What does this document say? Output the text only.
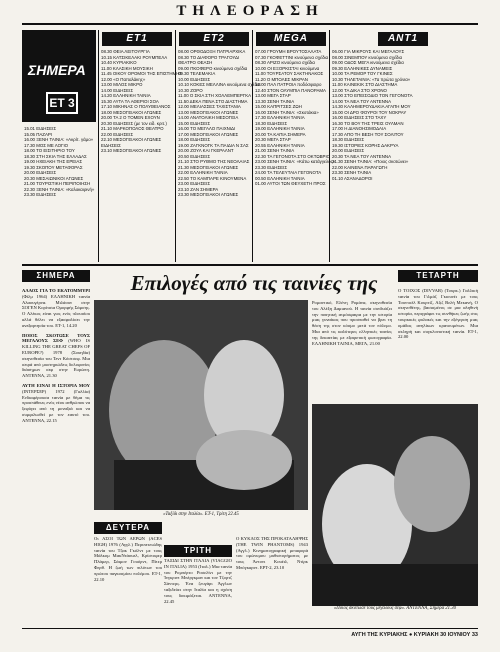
ΤΗΛΕΟΡΑΣΗ
ΣΗΜΕΡΑ
ET 3
15.01 ΕΙΔΗΣΕΙΣ
15.05 ΠΑΖΑΡΙ
16.00 ΞΕΝΗ ΤΑΙΝΙΑ: «Ακρίτ. γάμο»
17.30 ΜΟΣ ΜΕ ΛΟΓΙΟ
18.00 ΤΟ ΕΙΣΙΤΗΡΙΟ ΤΟΥ
18.30 ΣΤΗ ΣΚΙΑ ΤΗΣ ΕΛΛΑΔΑΣ
19.00 ΗΧΕΙΑΚΗ ΤΗΣ ΕΡΕΙΑΣ
19.30 ΣΚΟΠΟΥ ΜΕΤΑΦΟΡΑΣ
20.00 ΕΙΔΗΣΕΙΣ
20.30 ΜΕΣΑΙΩΝΙΚΟΙ ΑΓΩΝΕΣ
21.00 ΤΟΥΡΙΣΤΙΚΗ ΠΕΡΙΠΟΙΗΣΗ
22.30 ΞΕΝΗ ΤΑΙΝΙΑ: «Καλοκαιρινή»
23.30 ΕΙΔΗΣΕΙΣ
ET1
08.30 ΘΕΙΑ ΛΕΙΤΟΥΡΓΙΑ
10.15 ΚΑΤΣΙΚΕΛΑΚΙ ΡΟΥΜΠΕΛΑ
10.40 ΚΥΡΙΑΚΙΚΟ
11.00 ΚΛΑΣΙΚΗ ΜΟΥΣΙΚΗ
11.45 ΟΙΚΟΥ ΟΡΟΜΟΙ ΤΗΣ ΕΠΙΣΤΗΜΗΣ
12.00 «Ο Παπαλάκης»
13.00 ΜΙΛΟΣ ΜΙΚΡΟ
14.00 ΕΙΔΗΣΕΙΣ
14.20 ΕΛΛΗΝΙΚΗ ΤΑΙΝΙΑ
15.30 ΑΥΤΑ ΤΑ ΑΘΕΡΙΟΙ ΣΟΑ
17.10 ΜΙΚΗΝΑΣ Ο ΠΟΛΥΘΕΙΑΝΟΣ
18.00 ΜΕΣΟΓΕΙΑΚΟΙ ΑΓΩΝΕΣ
20.00 ΤΑ 2 Ο ΤΟΜΕΝ ΕΧΟΥΝ
20.30 ΕΙΔΗΣΕΙΣ (με τον ειδ. κριτ.)
21.10 ΜΑΡΚΟΠΟΛΟΣ ΘΕΑΤΡΟ
22.00 ΕΙΔΗΣΕΙΣ
22.10 ΜΕΣΟΓΕΙΑΚΟΙ ΑΓΩΝΕΣ
ΕΙΔΗΣΕΙΣ
23.10 ΜΕΣΟΓΕΙΑΚΟΙ ΑΓΩΝΕΣ
ET2
08.00 ΟΡΘΟΔΟΞΗ ΠΑΤΡΙΑΡΧΙΚΑ
08.30 ΤΟ ΔΙΑΦΟΡΟ ΤΡΑΓΟΥΔΙ
ΘΕΑΤΡΟ ΘΕΑΣΗ
09.00 ΠΚΟΦΕΡΟ κινούμενα σχέδια
09.30 ΤΕΛΕΜΑΚΙΑ
10.00 ΕΙΔΗΣΕΙΣ
10.10 ΚΟΚΕΣ ΜΕΛΛΙΝΑ κινούμενα σχέδια
10.30 ΖΟΡΟ
11.00 Ο ΣΚΙΑ ΣΤΗ ΧΟΛΛΕΜΠΕΡΓΚΑ
11.50 ΔΕΚΑ ΠΕΝΑ ΣΤΟ ΔΙΑΣΤΗΜΑ
12.00 ΜΕΛΙΑΣΣΕΣ ΤΑΧΙΣΤΑΝΙΑ
13.00 ΜΕΣΟΓΕΙΑΚΟΙ ΑΓΩΝΕΣ
14.00 ΑΝΑΤΟΛΙΚΗ ΜΕΣΟΓΕΙΑ
15.00 ΕΙΔΗΣΕΙΣ
16.00 ΤΟ ΜΕΓΑΛΟ ΠΑΙΧΝΙΔΙ
17.00 ΜΕΣΟΓΕΙΑΚΟΙ ΑΓΩΝΕΣ
18.00 ΕΙΔΗΣΕΙΣ
19.00 ΖΑΓΚΝΟΓΚ ΤΑ ΠΑΙΔΙΑ Ν ΣΑΣ
20.00 ΖΟΥΛ ΚΑΙ ΓΚΕΡΑΛΝΤ
20.50 ΕΙΔΗΣΕΙΣ
21.10 ΣΤΟ ΡΥΘΜΟ ΤΗΣ ΝΕΟΛΑΙΑΣ
21.30 ΜΕΣΟΓΕΙΑΚΟΙ ΑΓΩΝΕΣ
22.00 ΕΛΛΗΝΙΚΗ ΤΑΙΝΙΑ
22.50 ΤΟ ΚΑΜΠΑΡΕ ΚΙΝΟΥΜΕΝΑ
23.00 ΕΙΔΗΣΕΙΣ
23.10 ΖΑΝ ΣΗΜΕΡΑ
23.30 ΜΕΣΟΓΕΙΑΚΟΙ ΑΓΩΝΕΣ
MEGA
07.00 ΓΡΟΥΜΗ ΒΡΟΥΤΟΣΑΛΑΤΑ
07.30 ΓΚΟΦΕΤΤΙΝΙ κινούμενα σχέδια
08.30 ΑΡΙΖΟ κινούμενα σχέδια
10.00 ΟΙ ΕΞΟΡΚΙΣΤΑΙ κινούμενα
11.00 ΤΟΥΡΣΑΤΟΥ ΣΑΚΤΗΝΑΚΟΣ
11.20 Ο ΜΠΟΛΕΣ ΜΙΚΡΑΝ
12.00 ΠΑΛ ΠΑΤΡΟΙΑ ποδόσφαιρο
12.40 ΣΤΟΝ ΟΛΥΜΠΙΑ ΠΑΝΟΡΑΜΑ
13.00 ΜΕΓΑ ΣΤΑΡ
13.30 ΣΕΝΗ ΤΑΙΝΙΑ
15.00 ΚΑΠΡΙΤΣΕΣ ΖΩΗ
16.00 ΣΕΝΗ ΤΑΙΝΙΑ: «Σκοτάκια»
17.30 ΕΛΛΗΝΙΚΗ ΤΑΙΝΙΑ
18.30 ΕΙΔΗΣΕΙΣ
19.00 ΕΛΛΗΝΙΚΗ ΤΑΙΝΙΑ
20.00 ΤΑ ΚΑΠΙΑ ΣΗΜΕΡΑ
20.30 ΜΕΓΑ ΣΤΑΡ
20.55 ΕΛΛΗΝΙΚΗ ΤΑΙΝΙΑ
21.00 ΣΕΝΗ ΤΑΙΝΙΑ
22.30 ΤΑ ΓΕΓΟΝΟΤΑ ΣΤΟ ΟΚΤΩΒΡΙΟ
23.00 ΣΕΝΗ ΤΑΙΝΙΑ: «Κάτω κατάγγελος»
23.30 ΕΙΔΗΣΕΙΣ
24.00 ΤΑ ΤΕΛΕΥΤΑΙΑ ΓΕΓΟΝΟΤΑ
00.50 ΕΛΛΗΝΙΚΗ ΤΑΙΝΙΑ
01.00 ΑΥΤΟΙ ΤΩΝ ΘΕΥΧΕΤΗ ΠΡΟΣ
ANT1
06.00 ΓΙΑ ΜΙΚΡΟΥΣ ΚΑΙ ΜΕΓΑΛΟΥΣ
08.00 ΣΙΝΕΜΠΟΥ κινούμενα σχέδια
09.00 ΟΔΟΣ ΜΕΓΑ κινούμενα σχέδια
09.30 ΕΛΛΗΝΙΚΕΣ ΔΥΝΑΜΕΙΣ
10.00 ΤΑ ΡΕΜΟΡ ΤΟΥ ΓΚΙΝΕΣ
10.30 ΤΗΛΕΤΑΙΝΙΑ: «Τα πρώτα χρόνια»
11.00 ΚΑΙΝΕΚΙΚ ΣΤΟ ΔΙΑΣΤΗΜΑ
12.00 ΤΑ ΔΙΚΑ ΣΤΟ ΧΡΟΝΟ
13.00 ΣΤΟ ΕΠΕΙΣΟΔΙΟ ΤΟΝ ΓΕΓΟΝΟΤΑ
14.00 ΤΑ ΝΕΑ ΤΟΥ ΑΝΤΕΝΝΑ
14.30 ΚΑΛΗΜΕΡΟΥΔΑΚΙΑ ΑΓΑΠΗ ΜΟΥ
15.00 ΟΙ ΔΡΟ ΦΟΥΡΟΙ ΤΟΥ ΝΟΚΡΑΥ
16.00 ΕΙΔΗΣΕΙΣ ΣΤΟ ΤΑΧΥ
16.30 ΤΟ ΒΟΥ ΤΗΣ ΤΡΕΙΣ ΟΥΛΜΑΝ
17.00 Η ΔΙΑΝΟΗΣΙΜΟΔΑΙΑ
17.30 ΑΠΟ ΤΗ ΒΕΣΗ ΤΟΥ ΣΟΛΙΤΟΥ
18.30 ΕΙΔΗΣΕΙΣ
19.30 ΙΣΤΟΡΙΕΣ ΚΟΡΗΣ ΔΑΚΡΥΑ
20.00 ΕΙΔΗΣΕΙΣ
20.30 ΤΑ ΝΕΑ ΤΟΥ ΑΝΤΕΝΝΑ
21.30 ΣΕΝΗ ΤΑΙΝΙΑ: «Ποιος σκοτώνει»
22.00 ΚΑΙΝΕΝΑ ΠΑΡΑΓΩΓΗ
23.30 ΣΕΝΗ ΤΑΙΝΙΑ
01.10 ΑΣΑΝΑΔΟΡΟΙ
ΣΗΜΕΡΑ	Επιλογές από τις ταινίες της	ΤΕΤΑΡΤΗ
ΑΛΑΟΣ ΓΙΑ ΤΟ ΕΚΑΤΟΜΜΥΡΙ (Φίλμ 1964) ΕΛΛΗΝΙΚΗ ταινία Αλαουγέρνα. Μιλάουν στην ΣΟΓΕΝ Κορίτσια Ομορφής Σάμσης. Ο Αλέκος είναι γιος ενός πλουσίου αλλά θέλει να εξασφαλίσει την ανεξαρτησία του. ΕΤ-1, 14.20
ΠΟΙΟΣ ΣΚΟΤΩΣΕ ΤΟΥΣ ΜΕΓΑΛΟΥΣ ΣΕΦ (WHO IS KILLING THE GREAT CHEFS OF EUROPE?) 1978 (Σουηδία) σκηνοθεσία του Τεντ Κόστσεφ. Μια σειρά από μυστηριώδεις δολοφονίες διάσημων σεφ στην Ευρώπη. ΑΝΤΕΝΝΑ, 21.30
ΑΥΤΗ ΕΙΝΑΙ Η ΙΣΤΟΡΙΑ ΜΟΥ (ΙΝΤΕΡΣΕΡ) 1972 (Γαλλία) Ενδιαφέρουσα ταινία με θέμα τις προσπάθειες ενός νέου ανθρώπου να ξεφύγει από τη μοναξιά και να συμφιλιωθεί με τον εαυτό του. ΑΝΤΕΝΝΑ, 22.15
«Ταξίδι στην Ιταλία». ΕΤ-1, Τρίτη 22.45
Ρομαντικό, Ελένη Ρομάνα, σκηνοθεσία του Αλέξη Δαμιανού. Η ταινία συνδυάζει την ποιητική ατμόσφαιρα με την ιστορία μιας γυναίκας που προσπαθεί να βρει τη θέση της στον κόσμο μετά τον πόλεμο. Μια από τις καλύτερες ελληνικές ταινίες της δεκαετίας με εξαιρετική φωτογραφία. ΕΛΛΗΝΙΚΗ ΤΑΙΝΙΑ, ΜΕΓΑ, 21.00
Ο ΤΟΙΧΟΣ (DIVVAR) (Τουρκ.) Γαλλική ταινία του Γιλμάζ Γκιουνέι με τους Τουντσέλ Κουρτίζ, Αζιζ Βελή Μεκανή, Ο σκηνοθέτης, βασισμένος σε μια αληθινή ιστορία, περιγράφει τις συνθήκες ζωής στις τουρκικές φυλακές και την εξέγερση μιας ομάδας ανηλίκων κρατουμένων. Μια σκληρή και συγκλονιστική ταινία. ΕΤ-1, 22.00
«Ποιος σκότωσε τους μεγάλους σεφ». ΑΝΤΕΝΝΑ, Σήμερα 21.30
ΔΕΥΤΕΡΑ
ΤΡΙΤΗ
Οι ΑΣΟΙ ΤΩΝ ΑΕΡΩΝ (ACES HIGH) 1976 (Αγγλ.) Περιπετειώδης ταινία του Τζακ Γκόλντ με τους Μάλκομ ΜακΝτάουελ, Κρίστοφερ Πλάμερ, Σάιμον Γουόρντ, Πίτερ Φερθ. Η ζωή των πιλότων του πρώτου παγκοσμίου πολέμου. ΕΤ-1, 22.10
ΤΑΞΙΔΙ ΣΤΗΝ ΙΤΑΛΙΑ (VIAGGIO IN ITALIA) 1953 (Ιταλ.) Μια ταινία του Ρομπέρτο Ροσελίνι με την Ίνγκριντ Μπέργκμαν και τον Τζορτζ Σάντερς. Ένα ζευγάρι Άγγλων ταξιδεύει στην Ιταλία και η σχέση τους δοκιμάζεται. ΑΝΤΕΝΝΑ, 22.45
Ο ΚΥΚΛΟΣ ΤΗΣ ΠΡΟΚΑΤΑΛΗΨΗΣ (THE TWIN PHANTOMS) 1943 (Αγγλ.) Κινηματογραφική μεταφορά του ομώνυμου μυθιστορήματος με τους Άντονι Κουέιλ, Ντίρκ Μπόγκαρντ. ΕΡΤ-2, 23.10
ΑΥΓΗ ΤΗΣ ΚΥΡΙΑΚΗΣ ● ΚΥΡΙΑΚΗ 30 ΙΟΥΝΙΟΥ 33
